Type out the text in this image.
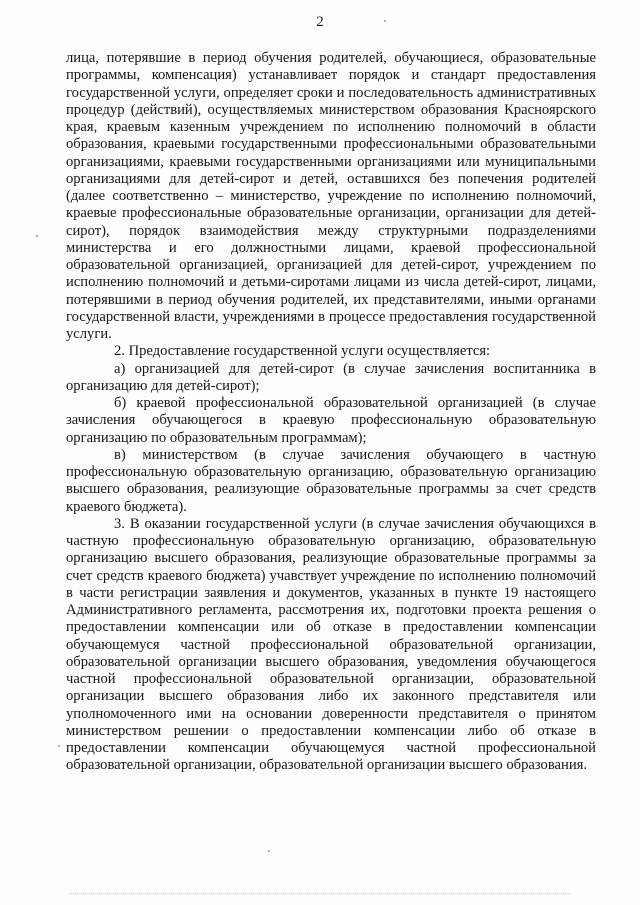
2

лица, потерявшие в период обучения родителей, обучающиеся, образовательные программы, компенсация) устанавливает порядок и стандарт предоставления государственной услуги, определяет сроки и последовательность административных процедур (действий), осуществляемых министерством образования Красноярского края, краевым казенным учреждением по исполнению полномочий в области образования, краевыми государственными профессиональными образовательными организациями, краевыми государственными организациями или муниципальными организациями для детей-сирот и детей, оставшихся без попечения родителей (далее соответственно – министерство, учреждение по исполнению полномочий, краевые профессиональные образовательные организации, организации для детей-сирот), порядок взаимодействия между структурными подразделениями министерства и его должностными лицами, краевой профессиональной образовательной организацией, организацией для детей-сирот, учреждением по исполнению полномочий и детьми-сиротами лицами из числа детей-сирот, лицами, потерявшими в период обучения родителей, их представителями, иными органами государственной власти, учреждениями в процессе предоставления государственной услуги.

2. Предоставление государственной услуги осуществляется:

а) организацией для детей-сирот (в случае зачисления воспитанника в организацию для детей-сирот);

б) краевой профессиональной образовательной организацией (в случае зачисления обучающегося в краевую профессиональную образовательную организацию по образовательным программам);

в) министерством (в случае зачисления обучающего в частную профессиональную образовательную организацию, образовательную организацию высшего образования, реализующие образовательные программы за счет средств краевого бюджета).

3. В оказании государственной услуги (в случае зачисления обучающихся в частную профессиональную образовательную организацию, образовательную организацию высшего образования, реализующие образовательные программы за счет средств краевого бюджета) учавствует учреждение по исполнению полномочий в части регистрации заявления и документов, указанных в пункте 19 настоящего Административного регламента, рассмотрения их, подготовки проекта решения о предоставлении компенсации или об отказе в предоставлении компенсации обучающемуся частной профессиональной образовательной организации, образовательной организации высшего образования, уведомления обучающегося частной профессиональной образовательной организации, образовательной организации высшего образования либо их законного представителя или уполномоченного ими на основании доверенности представителя о принятом министерством решении о предоставлении компенсации либо об отказе в предоставлении компенсации обучающемуся частной профессиональной образовательной организации, образовательной организации высшего образования.
